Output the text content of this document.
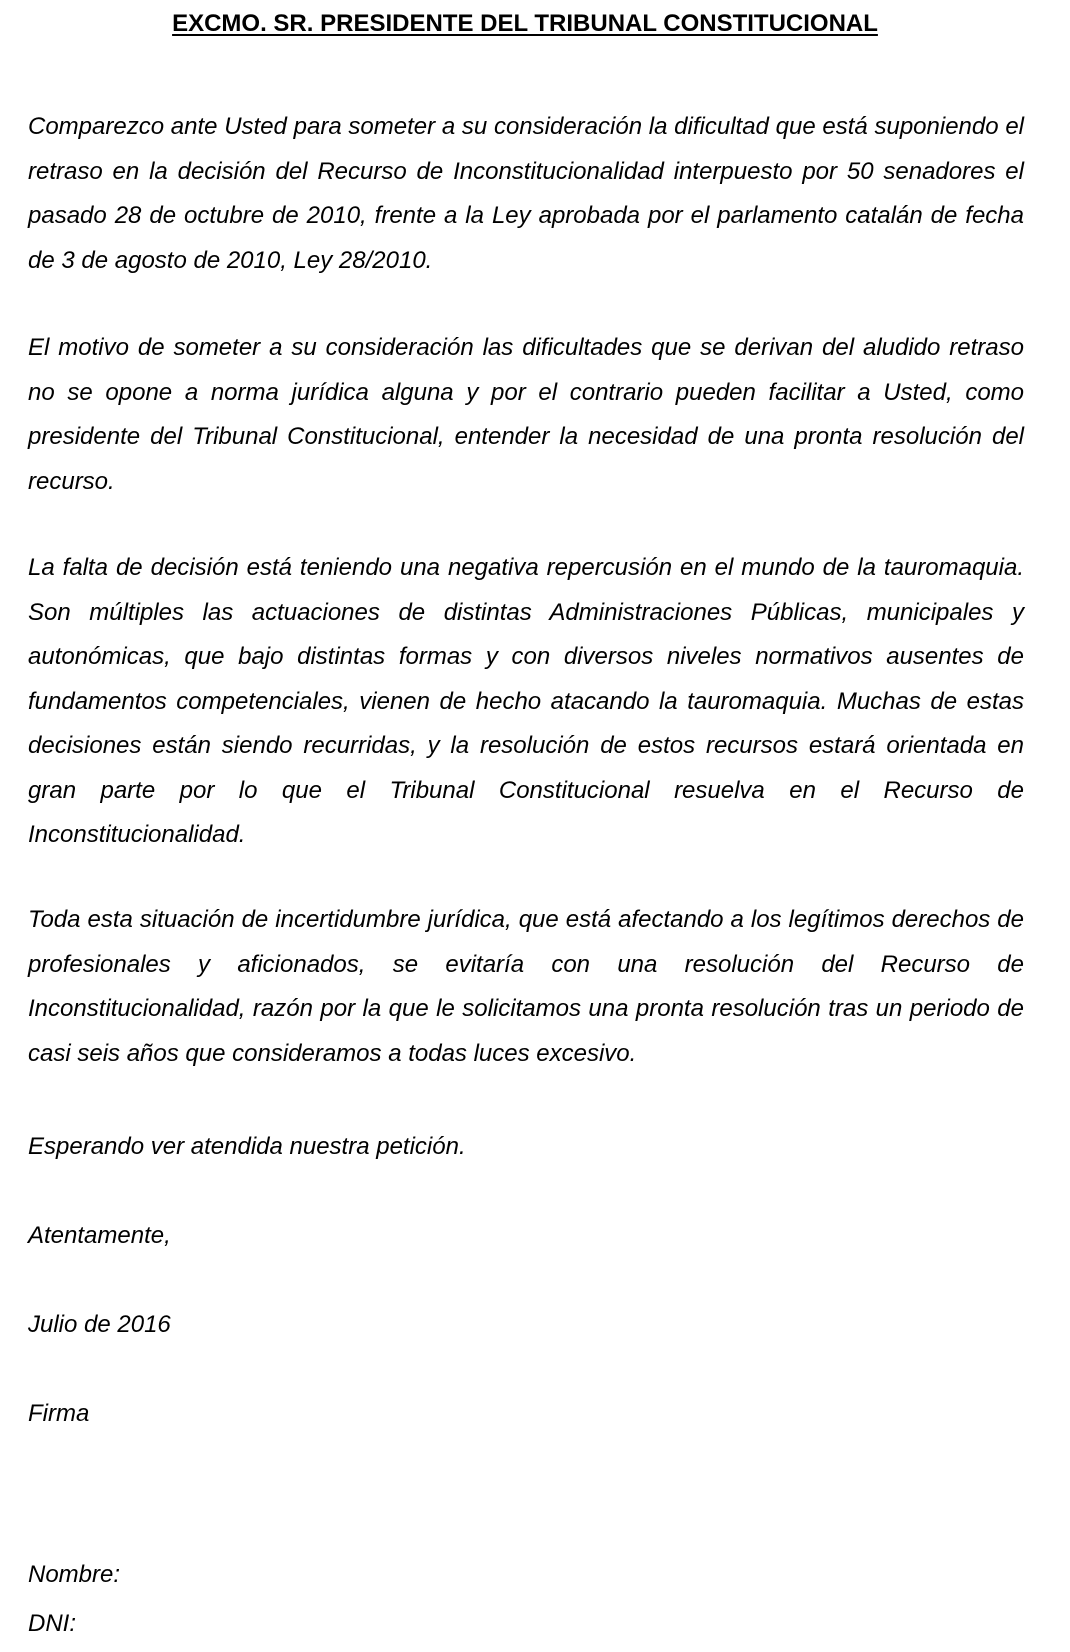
EXCMO. SR. PRESIDENTE DEL TRIBUNAL CONSTITUCIONAL

Comparezco ante Usted para someter a su consideración la dificultad que está suponiendo el retraso en la decisión del Recurso de Inconstitucionalidad interpuesto por 50 senadores el pasado 28 de octubre de 2010, frente a la Ley aprobada por el parlamento catalán de fecha de 3 de agosto de 2010, Ley 28/2010.

El motivo de someter a su consideración las dificultades que se derivan del aludido retraso no se opone a norma jurídica alguna y por el contrario pueden facilitar a Usted, como presidente del Tribunal Constitucional, entender la necesidad de una pronta resolución del recurso.

La falta de decisión está teniendo una negativa repercusión en el mundo de la tauromaquia. Son múltiples las actuaciones de distintas Administraciones Públicas, municipales y autonómicas, que bajo distintas formas y con diversos niveles normativos ausentes de fundamentos competenciales, vienen de hecho atacando la tauromaquia. Muchas de estas decisiones están siendo recurridas, y la resolución de estos recursos estará orientada en gran parte por lo que el Tribunal Constitucional resuelva en el Recurso de Inconstitucionalidad.

Toda esta situación de incertidumbre jurídica, que está afectando a los legítimos derechos de profesionales y aficionados, se evitaría con una resolución del Recurso de Inconstitucionalidad, razón por la que le solicitamos una pronta resolución tras un periodo de casi seis años que consideramos a todas luces excesivo.

Esperando ver atendida nuestra petición.

Atentamente,

Julio de 2016

Firma

Nombre:

DNI:
